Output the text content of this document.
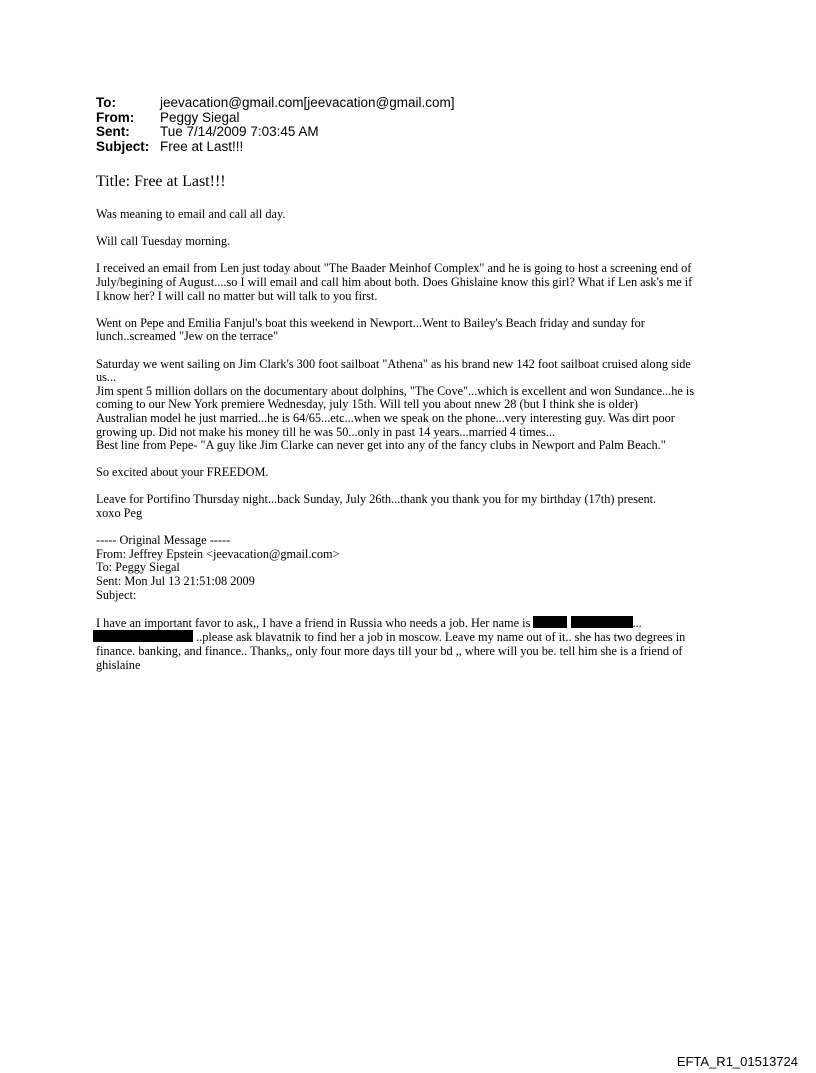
To:	jeevacation@gmail.com[jeevacation@gmail.com]
From:	Peggy Siegal
Sent:	Tue 7/14/2009 7:03:45 AM
Subject: Free at Last!!!
Title: Free at Last!!!

Was meaning to email and call all day.

Will call Tuesday morning.

I received an email from Len just today about "The Baader Meinhof Complex" and he is going to host a screening end of
July/begining of August....so I will email and call him about both. Does Ghislaine know this girl? What if Len ask's me if
I know her? I will call no matter but will talk to you first.

Went on Pepe and Emilia Fanjul's boat this weekend in Newport...Went to Bailey's Beach friday and sunday for
lunch..screamed "Jew on the terrace"

Saturday we went sailing on Jim Clark's 300 foot sailboat "Athena" as his brand new 142 foot sailboat cruised along side
us...
Jim spent 5 million dollars on the documentary about dolphins, "The Cove"...which is excellent and won Sundance...he is
coming to our New York premiere Wednesday, july 15th. Will tell you about nnew 28 (but I think she is older)
Australian model he just married...he is 64/65...etc...when we speak on the phone...very interesting guy. Was dirt poor
growing up. Did not make his money till he was 50...only in past 14 years...married 4 times...
Best line from Pepe- "A guy like Jim Clarke can never get into any of the fancy clubs in Newport and Palm Beach."

So excited about your FREEDOM.

Leave for Portifino Thursday night...back Sunday, July 26th...thank you thank you for my birthday (17th) present.
xoxo Peg

----- Original Message -----
From: Jeffrey Epstein <jeevacation@gmail.com>
To: Peggy Siegal
Sent: Mon Jul 13 21:51:08 2009
Subject:

I have an important favor to ask,, I have a friend in Russia who needs a job. Her name is	...
..please ask blavatnik to find her a job in moscow. Leave my name out of it.. she has two degrees in
finance. banking, and finance.. Thanks,, only four more days till your bd ,, where will you be. tell him she is a friend of
ghislaine

EFTA_R1_01513724
